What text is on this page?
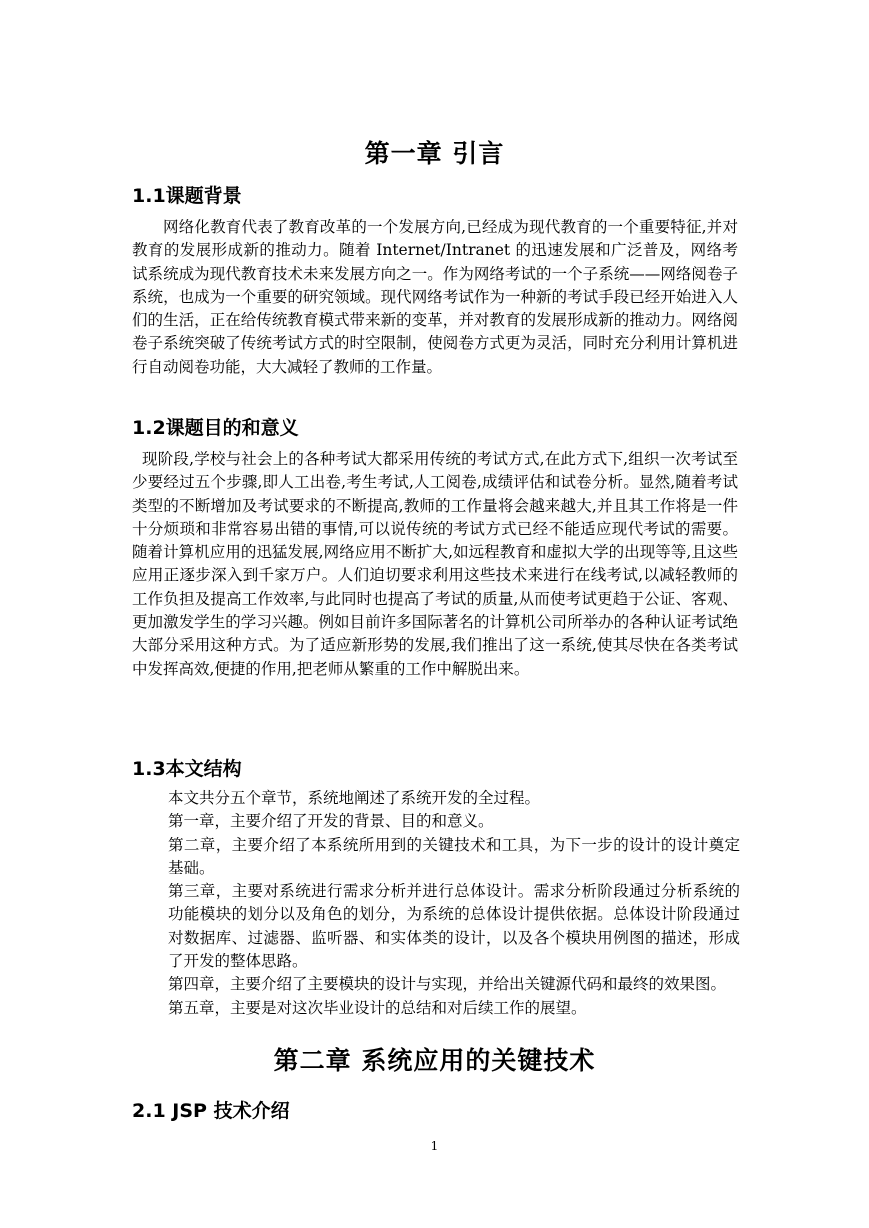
第一章 引言
1.1课题背景

网络化教育代表了教育改革的一个发展方向,已经成为现代教育的一个重要特征,并对教育的发展形成新的推动力。随着 Internet/Intranet 的迅速发展和广泛普及，网络考试系统成为现代教育技术未来发展方向之一。作为网络考试的一个子系统——网络阅卷子系统，也成为一个重要的研究领域。现代网络考试作为一种新的考试手段已经开始进入人们的生活，正在给传统教育模式带来新的变革，并对教育的发展形成新的推动力。网络阅卷子系统突破了传统考试方式的时空限制，使阅卷方式更为灵活，同时充分利用计算机进行自动阅卷功能，大大减轻了教师的工作量。

1.2课题目的和意义

现阶段,学校与社会上的各种考试大都采用传统的考试方式,在此方式下,组织一次考试至少要经过五个步骤,即人工出卷,考生考试,人工阅卷,成绩评估和试卷分析。显然,随着考试类型的不断增加及考试要求的不断提高,教师的工作量将会越来越大,并且其工作将是一件十分烦琐和非常容易出错的事情,可以说传统的考试方式已经不能适应现代考试的需要。随着计算机应用的迅猛发展,网络应用不断扩大,如远程教育和虚拟大学的出现等等,且这些应用正逐步深入到千家万户。人们迫切要求利用这些技术来进行在线考试,以减轻教师的工作负担及提高工作效率,与此同时也提高了考试的质量,从而使考试更趋于公证、客观、更加激发学生的学习兴趣。例如目前许多国际著名的计算机公司所举办的各种认证考试绝大部分采用这种方式。为了适应新形势的发展,我们推出了这一系统,使其尽快在各类考试中发挥高效,便捷的作用,把老师从繁重的工作中解脱出来。

1.3本文结构
本文共分五个章节，系统地阐述了系统开发的全过程。
第一章，主要介绍了开发的背景、目的和意义。
第二章，主要介绍了本系统所用到的关键技术和工具，为下一步的设计的设计奠定基础。
第三章，主要对系统进行需求分析并进行总体设计。需求分析阶段通过分析系统的功能模块的划分以及角色的划分，为系统的总体设计提供依据。总体设计阶段通过对数据库、过滤器、监听器、和实体类的设计，以及各个模块用例图的描述，形成了开发的整体思路。
第四章，主要介绍了主要模块的设计与实现，并给出关键源代码和最终的效果图。
第五章，主要是对这次毕业设计的总结和对后续工作的展望。
第二章 系统应用的关键技术
2.1 JSP 技术介绍
1
